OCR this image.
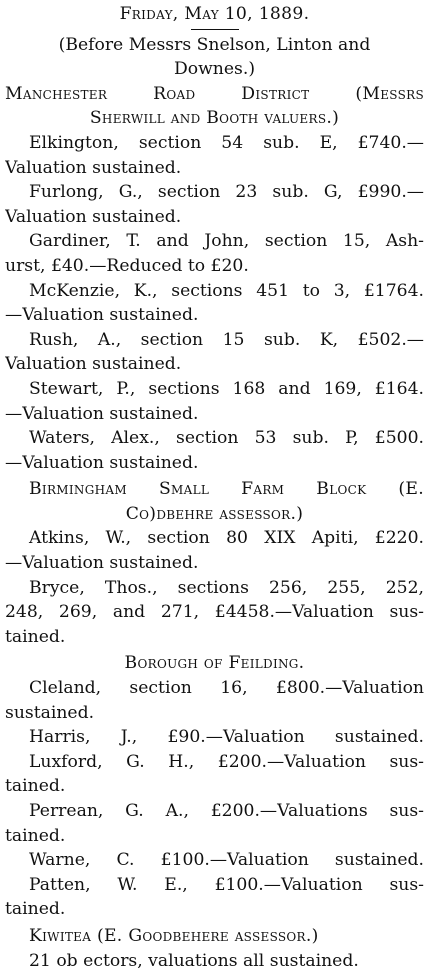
Friday, May 10, 1889.
(Before Messrs Snelson, Linton and
Downes.)
Manchester Road District (Messrs
Sherwill and Booth valuers.)
Elkington, section 54 sub. E, £740.—
Valuation sustained.
Furlong, G., section 23 sub. G, £990.—
Valuation sustained.
Gardiner, T. and John, section 15, Ash-
urst, £40.—Reduced to £20.
McKenzie, K., sections 451 to 3, £1764.
—Valuation sustained.
Rush, A., section 15 sub. K, £502.—
Valuation sustained.
Stewart, P., sections 168 and 169, £164.
—Valuation sustained.
Waters, Alex., section 53 sub. P, £500.
—Valuation sustained.
Birmingham Small Farm Block (E.
Co)dbehre assessor.)
Atkins, W., section 80 XIX Apiti, £220.
—Valuation sustained.
Bryce, Thos., sections 256, 255, 252,
248, 269, and 271, £4458.—Valuation sus-
tained.
Borough of Feilding.
Cleland, section 16, £800.—Valuation
sustained.
Harris, J., £90.—Valuation sustained.
Luxford, G. H., £200.—Valuation sus-
tained.
Perrean, G. A., £200.—Valuations sus-
tained.
Warne, C. £100.—Valuation sustained.
Patten, W. E., £100.—Valuation sus-
tained.
Kiwitea (E. Goodbehere assessor.)
21 ob ectors, valuations all sustained.
